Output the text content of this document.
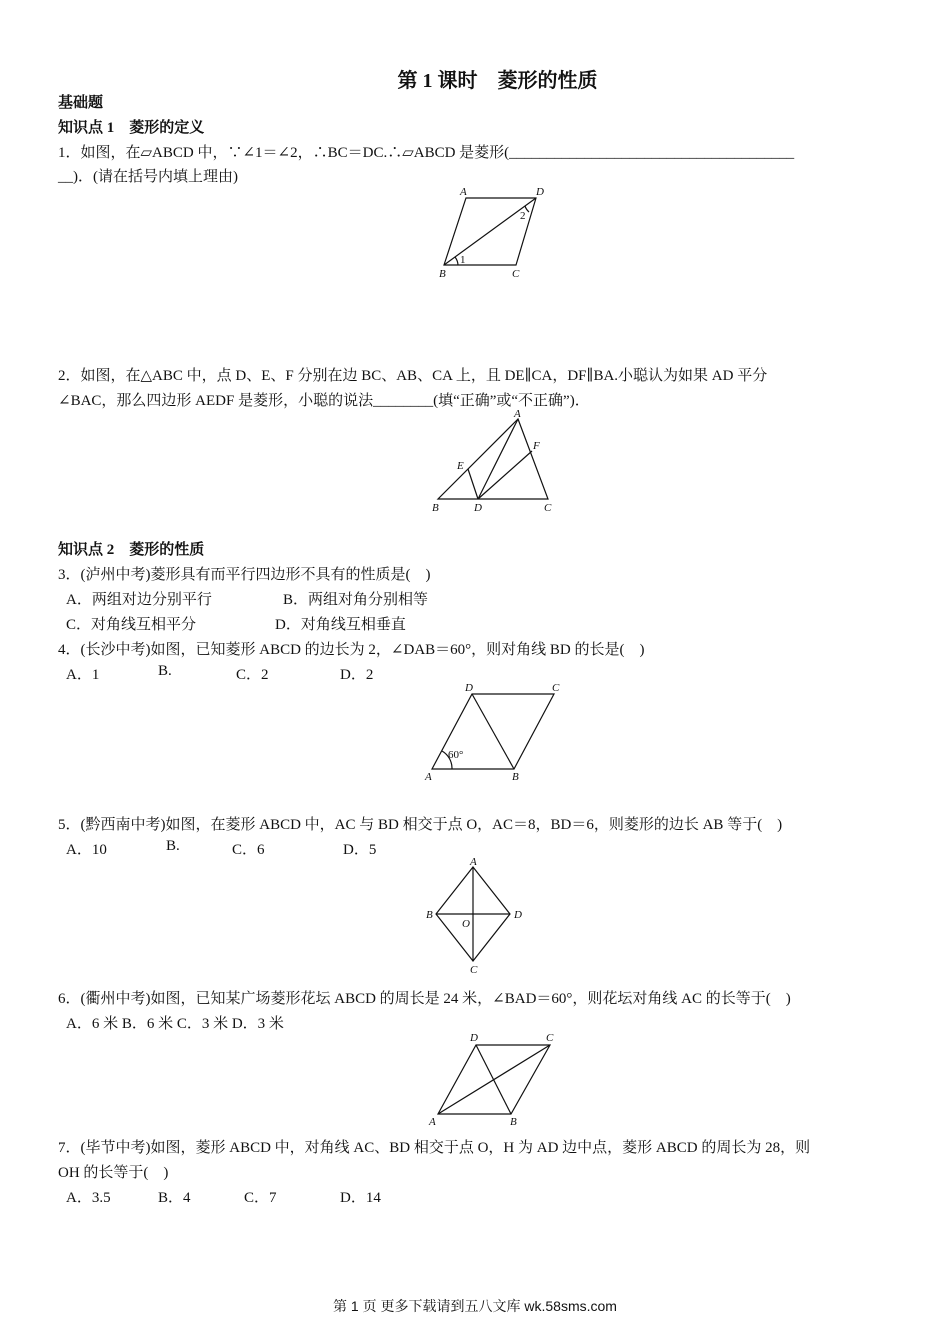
第 1 课时　菱形的性质
基础题
知识点 1　菱形的定义
1．如图，在▱ABCD 中，∵∠1＝∠2，∴BC＝DC.∴▱ABCD 是菱形(______________________________________
__)．(请在括号内填上理由)
A	D
B	C
1
2
2．如图，在△ABC 中，点 D、E、F 分别在边 BC、AB、CA 上，且 DE∥CA，DF∥BA.小聪认为如果 AD 平分
∠BAC，那么四边形 AEDF 是菱形，小聪的说法________(填“正确”或“不正确”)．
A
E
F
B	D	C
知识点 2　菱形的性质
3．(泸州中考)菱形具有而平行四边形不具有的性质是(　)
A．两组对边分别平行	B．两组对角分别相等
C．对角线互相平分	D．对角线互相垂直
4．(长沙中考)如图，已知菱形 ABCD 的边长为 2，∠DAB＝60°，则对角线 BD 的长是(　)
A．1	B.	C．2	D．2
D	C
A	B
60°
5．(黔西南中考)如图，在菱形 ABCD 中，AC 与 BD 相交于点 O，AC＝8，BD＝6，则菱形的边长 AB 等于(　)
A．10	B.	C．6	D．5
A
B	D
O
C
6．(衢州中考)如图，已知某广场菱形花坛 ABCD 的周长是 24 米，∠BAD＝60°，则花坛对角线 AC 的长等于(　)
A．6 米 B．6 米 C．3 米 D．3 米
D	C
A	B
7．(毕节中考)如图，菱形 ABCD 中，对角线 AC、BD 相交于点 O，H 为 AD 边中点，菱形 ABCD 的周长为 28，则
OH 的长等于(　)
A．3.5	B．4	C．7	D．14
第 1 页 更多下载请到五八文库 wk.58sms.com
